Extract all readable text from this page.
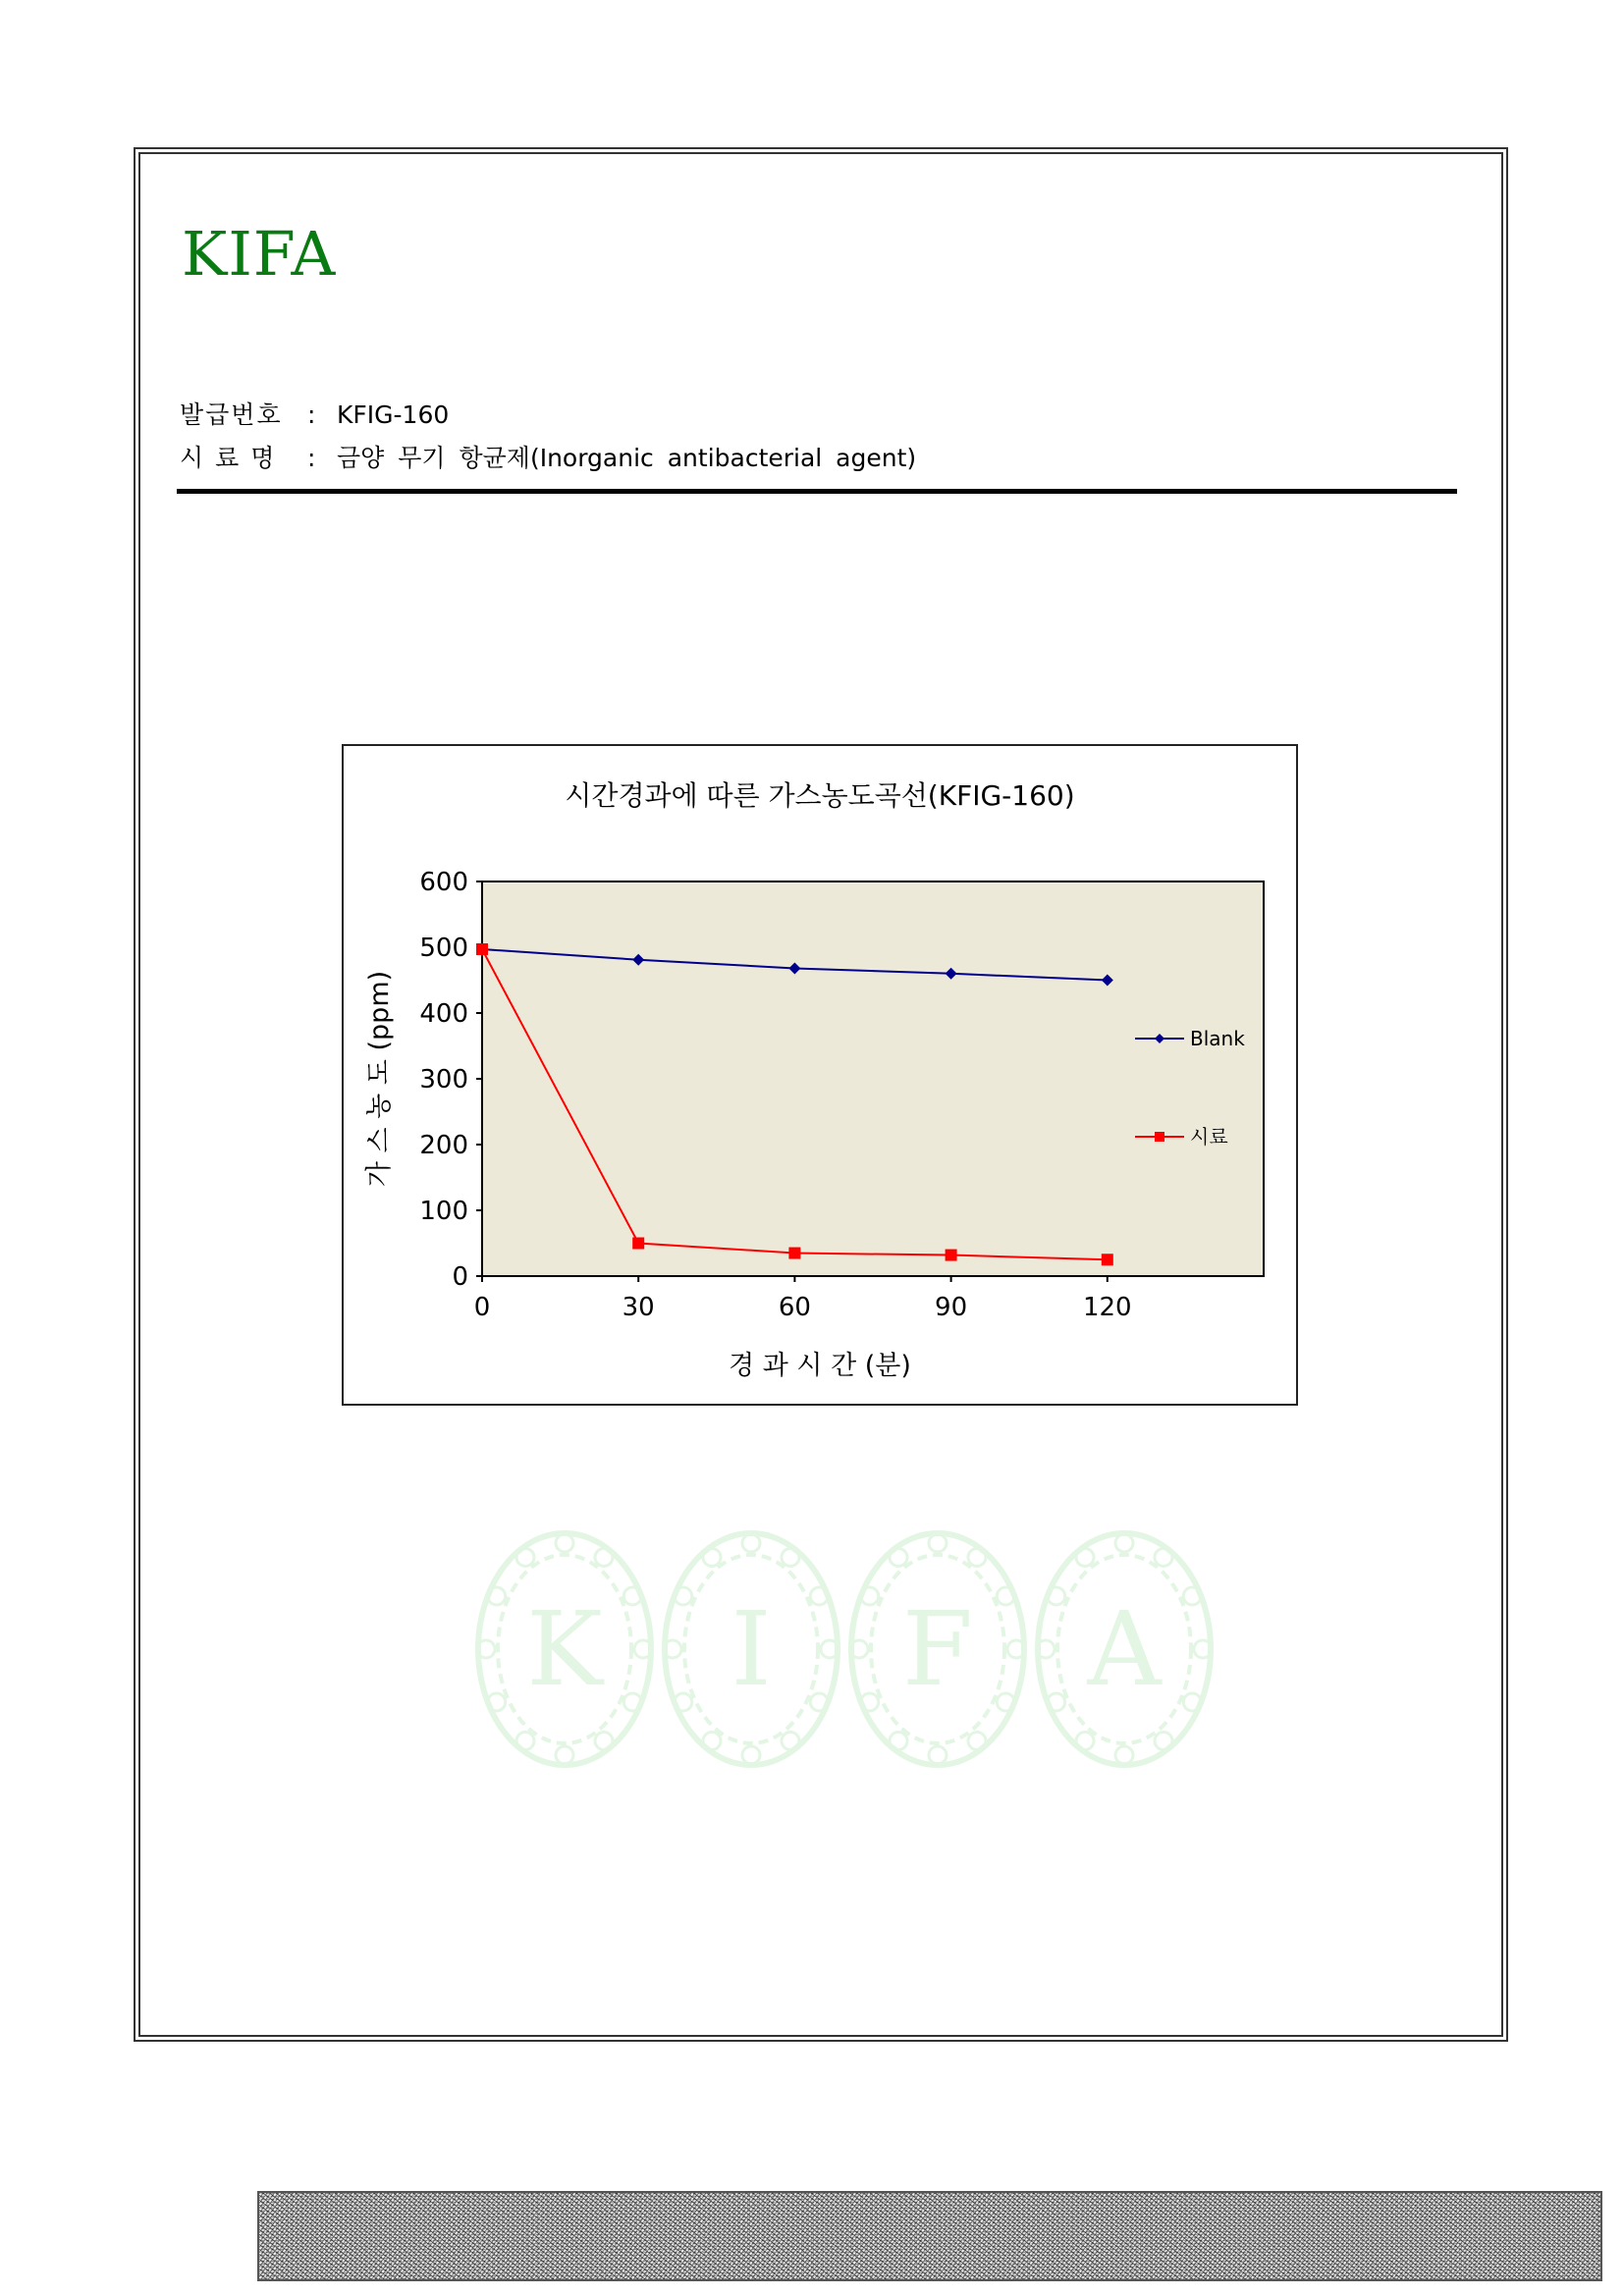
KIFA
발급번호 : KFIG-160
시 료 명 : 금양 무기 항균제(Inorganic antibacterial agent)
시간경과에 따른 가스농도곡선(KFIG-160)
0
100
200
300
400
500
600
0	30	60	90	120
Blank
시료
경 과 시 간 (분)
가 스 농 도 (ppm)
K I F A
